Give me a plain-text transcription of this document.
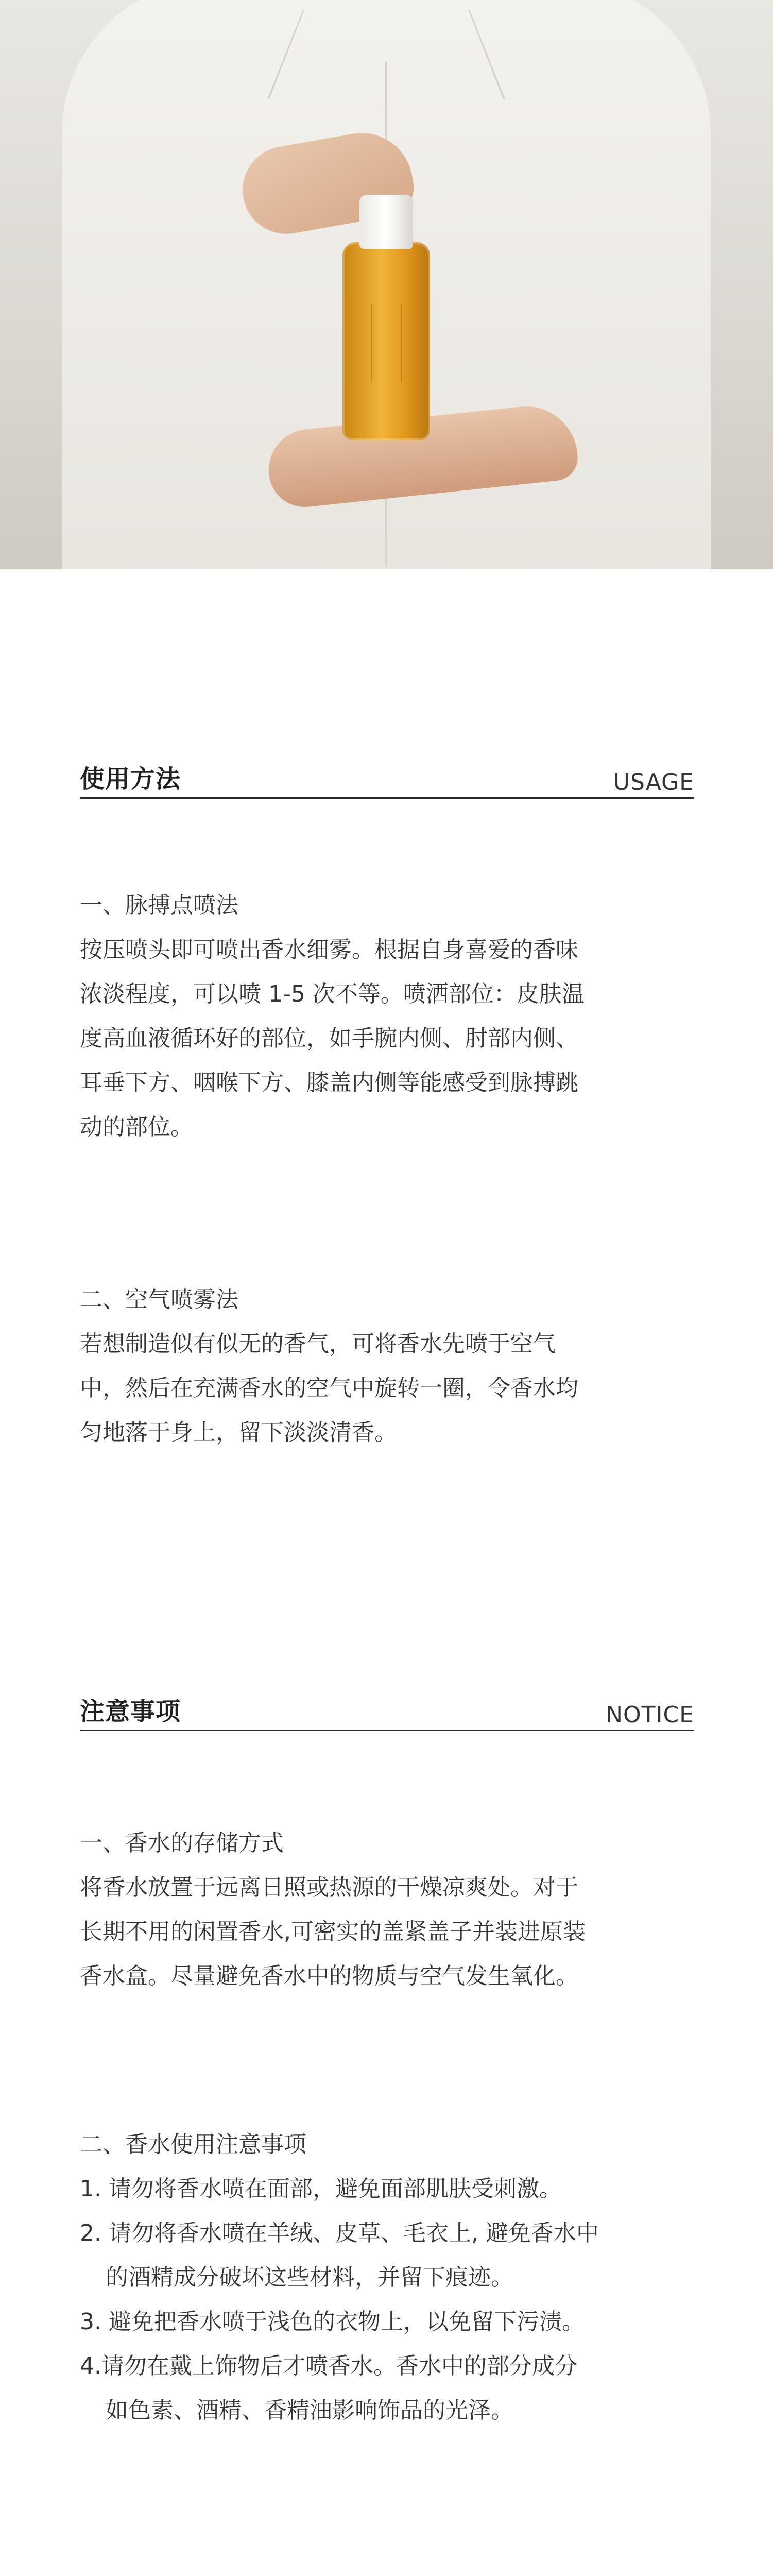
使用方法	USAGE
一、脉搏点喷法
按压喷头即可喷出香水细雾。根据自身喜爱的香味
浓淡程度，可以喷 1-5 次不等。喷洒部位：皮肤温
度高血液循环好的部位，如手腕内侧、肘部内侧、
耳垂下方、咽喉下方、膝盖内侧等能感受到脉搏跳
动的部位。
二、空气喷雾法
若想制造似有似无的香气，可将香水先喷于空气
中，然后在充满香水的空气中旋转一圈，令香水均
匀地落于身上，留下淡淡清香。
注意事项	NOTICE
一、香水的存储方式
将香水放置于远离日照或热源的干燥凉爽处。对于
长期不用的闲置香水,可密实的盖紧盖子并装进原装
香水盒。尽量避免香水中的物质与空气发生氧化。
二、香水使用注意事项
1. 请勿将香水喷在面部，避免面部肌肤受刺激。
2. 请勿将香水喷在羊绒、皮草、毛衣上, 避免香水中
的酒精成分破坏这些材料，并留下痕迹。
3. 避免把香水喷于浅色的衣物上，以免留下污渍。
4.请勿在戴上饰物后才喷香水。香水中的部分成分
如色素、酒精、香精油影响饰品的光泽。
